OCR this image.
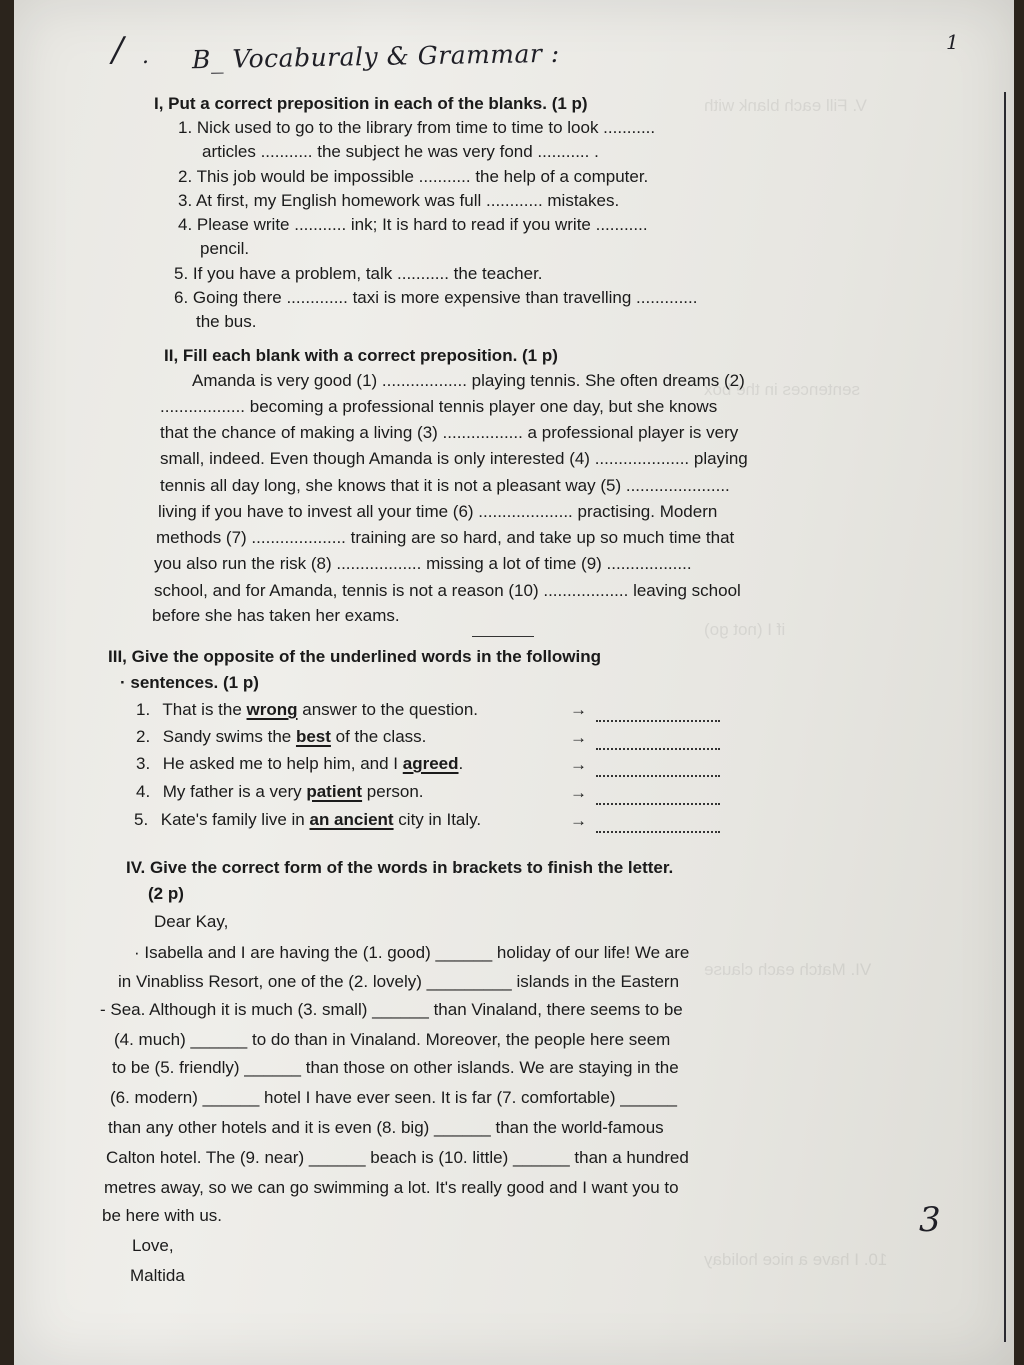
V. Fill each blank with
sentences in the box
if I (not go)
VI. Match each clause
10. I have a nice holiday
/ . B_ Vocaburaly & Grammar :	1
3
I, Put a correct preposition in each of the blanks. (1 p)
1. Nick used to go to the library from time to time to look ...........
articles ........... the subject he was very fond ........... .
2. This job would be impossible ........... the help of a computer.
3. At first, my English homework was full ............ mistakes.
4. Please write ........... ink; It is hard to read if you write ...........
pencil.
5. If you have a problem, talk ........... the teacher.
6. Going there ............. taxi is more expensive than travelling .............
the bus.
II, Fill each blank with a correct preposition. (1 p)
Amanda is very good (1) .................. playing tennis. She often dreams (2)
.................. becoming a professional tennis player one day, but she knows
that the chance of making a living (3) ................. a professional player is very
small, indeed. Even though Amanda is only interested (4) .................... playing
tennis all day long, she knows that it is not a pleasant way (5) ......................
living if you have to invest all your time (6) .................... practising. Modern
methods (7) .................... training are so hard, and take up so much time that
you also run the risk (8) .................. missing a lot of time (9) ..................
school, and for Amanda, tennis is not a reason (10) .................. leaving school
before she has taken her exams.
III, Give the opposite of the underlined words in the following
· sentences. (1 p)
1. That is the wrong answer to the question.	→
2. Sandy swims the best of the class.	→
3. He asked me to help him, and I agreed.	→
4. My father is a very patient person.	→
5. Kate's family live in an ancient city in Italy.	→
IV. Give the correct form of the words in brackets to finish the letter.
(2 p)
Dear Kay,
· Isabella and I are having the (1. good) ______ holiday of our life! We are
in Vinabliss Resort, one of the (2. lovely) _________ islands in the Eastern
- Sea. Although it is much (3. small) ______ than Vinaland, there seems to be
(4. much) ______ to do than in Vinaland. Moreover, the people here seem
to be (5. friendly) ______ than those on other islands. We are staying in the
(6. modern) ______ hotel I have ever seen. It is far (7. comfortable) ______
than any other hotels and it is even (8. big) ______ than the world-famous
Calton hotel. The (9. near) ______ beach is (10. little) ______ than a hundred
metres away, so we can go swimming a lot. It's really good and I want you to
be here with us.
Love,
Maltida
